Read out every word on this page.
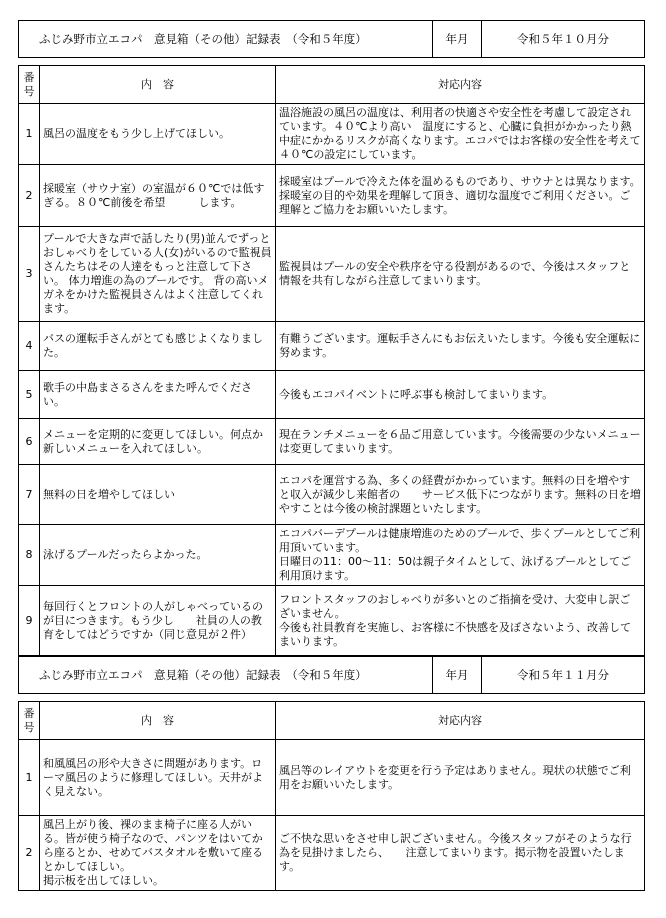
ふじみ野市立エコパ　意見箱（その他）記録表　（令和５年度）	年月	令和５年１０月分
番号	内　容	対応内容
1	風呂の温度をもう少し上げてほしい。	温浴施設の風呂の温度は、利用者の快適さや安全性を考慮して設定されています。４０℃より高い　温度にすると、心臓に負担がかかったり熱中症にかかるリスクが高くなります。エコパではお客様の安全性を考えて４０℃の設定にしています。
2	採暖室（サウナ室）の室温が６０℃では低すぎる。８０℃前後を希望　　　します。	採暖室はプールで冷えた体を温めるものであり、サウナとは異なります。採暖室の目的や効果を理解して頂き、適切な温度でご利用ください。ご理解とご協力をお願いいたします。
3	プールで大きな声で話したり(男)並んでずっとおしゃべりをしている人(女)がいるので監視員さんたちはその人達をもっと注意して下さい。 体力増進の為のプールです。 背の高いメガネをかけた監視員さんはよく注意してくれます。	監視員はプールの安全や秩序を守る役割があるので、今後はスタッフと情報を共有しながら注意してまいります。
4	バスの運転手さんがとても感じよくなりました。	有難うございます。運転手さんにもお伝えいたします。今後も安全運転に努めます。
5	歌手の中島まさるさんをまた呼んでください。	今後もエコパイベントに呼ぶ事も検討してまいります。
6	メニューを定期的に変更してほしい。何点か新しいメニューを入れてほしい。	現在ランチメニューを６品ご用意しています。今後需要の少ないメニューは変更してまいります。
7	無料の日を増やしてほしい	エコパを運営する為、多くの経費がかかっています。無料の日を増やすと収入が減少し来館者の　　サービス低下につながります。無料の日を増やすことは今後の検討課題といたします。
8	泳げるプールだったらよかった。	エコパバーデプールは健康増進のためのプールで、歩くプールとしてご利用頂いています。
日曜日の11：00～11：50は親子タイムとして、泳げるプールとしてご利用頂けます。
9	毎回行くとフロントの人がしゃべっているのが目につきます。もう少し　　社員の人の教育をしてはどうですか（同じ意見が２件）	フロントスタッフのおしゃべりが多いとのご指摘を受け、大変申し訳ございません。
今後も社員教育を実施し、お客様に不快感を及ぼさないよう、改善してまいります。
ふじみ野市立エコパ　意見箱（その他）記録表　（令和５年度）	年月	令和５年１１月分
番号	内　容	対応内容
1	和風風呂の形や大きさに問題があります。ローマ風呂のように修理してほしい。天井がよく見えない。	風呂等のレイアウトを変更を行う予定はありません。現状の状態でご利用をお願いいたします。
2	風呂上がり後、裸のまま椅子に座る人がいる。皆が使う椅子なので、パンツをはいてから座るとか、せめてバスタオルを敷いて座るとかしてほしい。
掲示板を出してほしい。	ご不快な思いをさせ申し訳ございません。今後スタッフがそのような行為を見掛けましたら、　　注意してまいります。掲示物を設置いたします。
